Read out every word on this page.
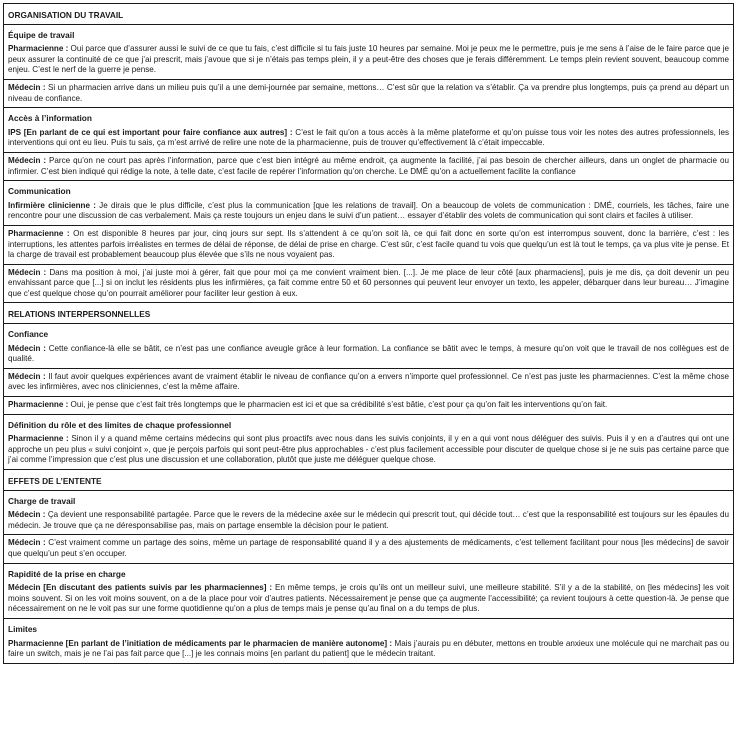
ORGANISATION DU TRAVAIL
Équipe de travail
Pharmacienne : Oui parce que d’assurer aussi le suivi de ce que tu fais, c’est difficile si tu fais juste 10 heures par semaine. Moi je peux me le permettre, puis je me sens à l’aise de le faire parce que je peux assurer la continuité de ce que j’ai prescrit, mais j’avoue que si je n’étais pas temps plein, il y a peut-être des choses que je ferais différemment. Le temps plein revient souvent, beaucoup comme enjeu. C’est le nerf de la guerre je pense.
Médecin : Si un pharmacien arrive dans un milieu puis qu’il a une demi-journée par semaine, mettons… C’est sûr que la relation va s’établir. Ça va prendre plus longtemps, puis ça prend au départ un niveau de confiance.
Accès à l’information
IPS [En parlant de ce qui est important pour faire confiance aux autres] : C’est le fait qu’on a tous accès à la même plateforme et qu’on puisse tous voir les notes des autres professionnels, les interventions qui ont eu lieu. Puis tu sais, ça m’est arrivé de relire une note de la pharmacienne, puis de trouver qu’effectivement là c’était impeccable.
Médecin : Parce qu’on ne court pas après l’information, parce que c’est bien intégré au même endroit, ça augmente la facilité, j’ai pas besoin de chercher ailleurs, dans un onglet de pharmacie ou infirmier. C’est bien indiqué qui rédige la note, à telle date, c’est facile de repérer l’information qu’on cherche. Le DMÉ qu’on a actuellement facilite la confiance
Communication
Infirmière clinicienne : Je dirais que le plus difficile, c’est plus la communication [que les relations de travail]. On a beaucoup de volets de communication : DMÉ, courriels, les tâches, faire une rencontre pour une discussion de cas verbalement. Mais ça reste toujours un enjeu dans le suivi d’un patient… essayer d’établir des volets de communication qui sont clairs et faciles à utiliser.
Pharmacienne : On est disponible 8 heures par jour, cinq jours sur sept. Ils s’attendent à ce qu’on soit là, ce qui fait donc en sorte qu’on est interrompus souvent, donc la barrière, c’est : les interruptions, les attentes parfois irréalistes en termes de délai de réponse, de délai de prise en charge. C’est sûr, c’est facile quand tu vois que quelqu’un est là tout le temps, ça va plus vite je pense. Et la charge de travail est probablement beaucoup plus élevée que s’ils ne nous voyaient pas.
Médecin : Dans ma position à moi, j’ai juste moi à gérer, fait que pour moi ça me convient vraiment bien. [...]. Je me place de leur côté [aux pharmaciens], puis je me dis, ça doit devenir un peu envahissant parce que [...] si on inclut les résidents plus les infirmières, ça fait comme entre 50 et 60 personnes qui peuvent leur envoyer un texto, les appeler, débarquer dans leur bureau… J’imagine que c’est quelque chose qu’on pourrait améliorer pour faciliter leur gestion à eux.
RELATIONS INTERPERSONNELLES
Confiance
Médecin : Cette confiance-là elle se bâtit, ce n’est pas une confiance aveugle grâce à leur formation. La confiance se bâtit avec le temps, à mesure qu’on voit que le travail de nos collègues est de qualité.
Médecin : Il faut avoir quelques expériences avant de vraiment établir le niveau de confiance qu’on a envers n’importe quel professionnel. Ce n’est pas juste les pharmaciennes. C’est la même chose avec les infirmières, avec nos cliniciennes, c’est la même affaire.
Pharmacienne : Oui, je pense que c’est fait très longtemps que le pharmacien est ici et que sa crédibilité s’est bâtie, c’est pour ça qu’on fait les interventions qu’on fait.
Définition du rôle et des limites de chaque professionnel
Pharmacienne : Sinon il y a quand même certains médecins qui sont plus proactifs avec nous dans les suivis conjoints, il y en a qui vont nous déléguer des suivis. Puis il y en a d’autres qui ont une approche un peu plus « suivi conjoint », que je perçois parfois qui sont peut-être plus approchables - c’est plus facilement accessible pour discuter de quelque chose si je ne suis pas certaine parce que j’ai comme l’impression que c’est plus une discussion et une collaboration, plutôt que juste me déléguer quelque chose.
EFFETS DE L’ENTENTE
Charge de travail
Médecin : Ça devient une responsabilité partagée. Parce que le revers de la médecine axée sur le médecin qui prescrit tout, qui décide tout… c’est que la responsabilité est toujours sur les épaules du médecin. Je trouve que ça ne déresponsabilise pas, mais on partage ensemble la décision pour le patient.
Médecin : C’est vraiment comme un partage des soins, même un partage de responsabilité quand il y a des ajustements de médicaments, c’est tellement facilitant pour nous [les médecins] de savoir que quelqu’un peut s’en occuper.
Rapidité de la prise en charge
Médecin [En discutant des patients suivis par les pharmaciennes] : En même temps, je crois qu’ils ont un meilleur suivi, une meilleure stabilité. S’il y a de la stabilité, on [les médecins] les voit moins souvent. Si on les voit moins souvent, on a de la place pour voir d’autres patients. Nécessairement je pense que ça augmente l’accessibilité; ça revient toujours à cette question-là. Je pense que nécessairement on ne le voit pas sur une forme quotidienne qu’on a plus de temps mais je pense qu’au final on a du temps de plus.
Limites
Pharmacienne [En parlant de l’initiation de médicaments par le pharmacien de manière autonome] : Mais j’aurais pu en débuter, mettons en trouble anxieux une molécule qui ne marchait pas ou faire un switch, mais je ne l’ai pas fait parce que [...] je les connais moins [en parlant du patient] que le médecin traitant.
